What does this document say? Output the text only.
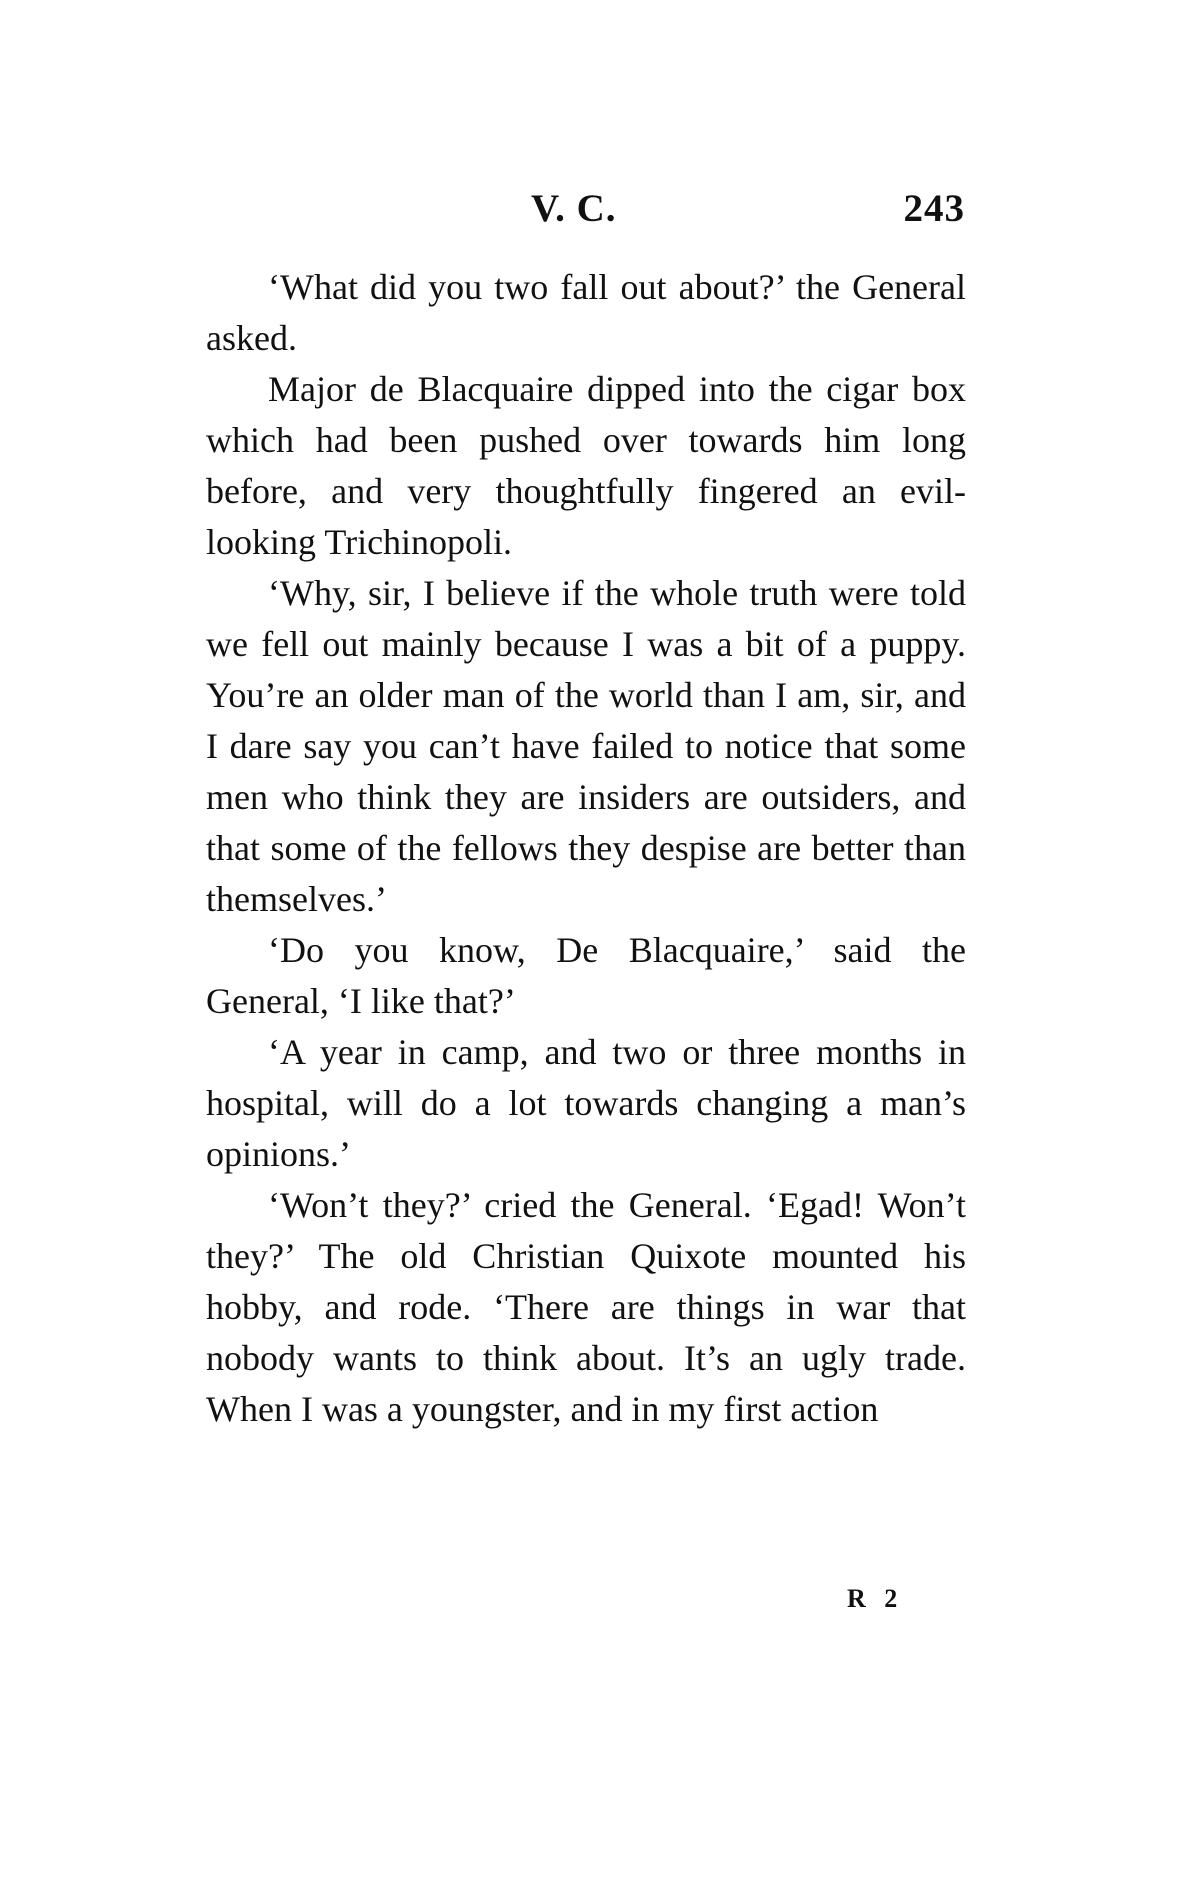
V. C.	243

‘What did you two fall out about?’ the General asked.

Major de Blacquaire dipped into the cigar box which had been pushed over towards him long before, and very thoughtfully fingered an evil-looking Trichinopoli.

‘Why, sir, I believe if the whole truth were told we fell out mainly because I was a bit of a puppy. You’re an older man of the world than I am, sir, and I dare say you can’t have failed to notice that some men who think they are insiders are outsiders, and that some of the fellows they despise are better than themselves.’

‘Do you know, De Blacquaire,’ said the General, ‘I like that?’

‘A year in camp, and two or three months in hospital, will do a lot towards changing a man’s opinions.’

‘Won’t they?’ cried the General. ‘Egad! Won’t they?’ The old Christian Quixote mounted his hobby, and rode. ‘There are things in war that nobody wants to think about. It’s an ugly trade. When I was a youngster, and in my first action

R 2
